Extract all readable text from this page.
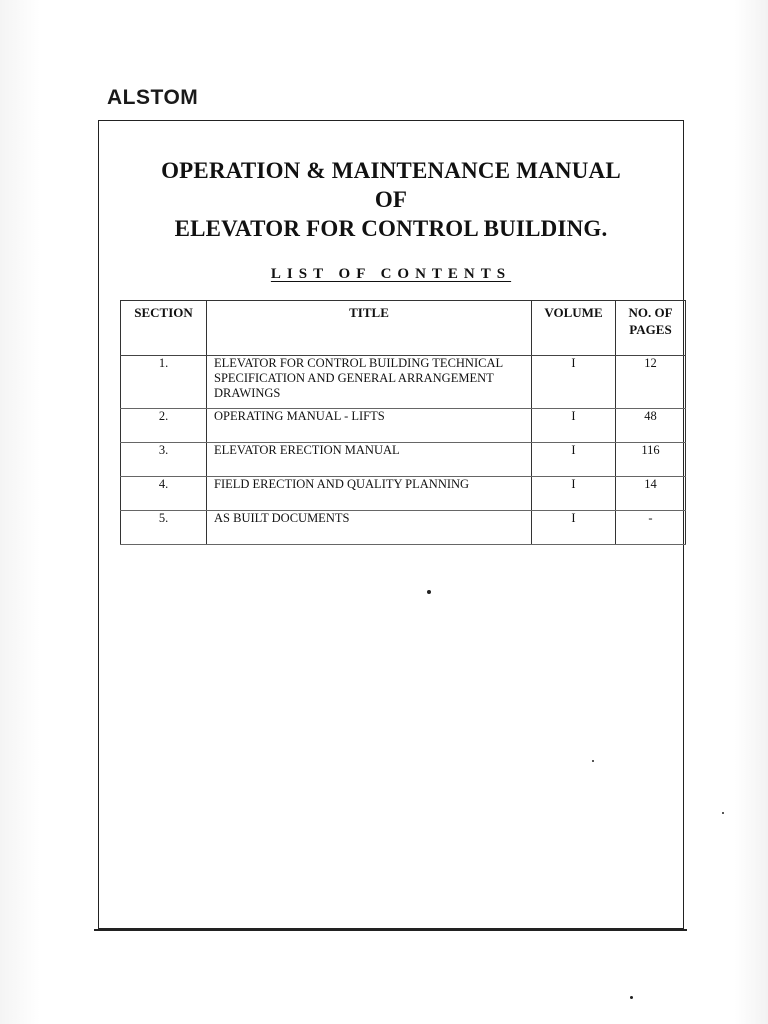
ALSTOM
OPERATION & MAINTENANCE MANUAL
OF
ELEVATOR FOR CONTROL BUILDING.
LIST OF CONTENTS
SECTION	TITLE	VOLUME	NO. OF PAGES
1.	ELEVATOR FOR CONTROL BUILDING TECHNICAL SPECIFICATION AND GENERAL ARRANGEMENT DRAWINGS	I	12
2.	OPERATING MANUAL - LIFTS	I	48
3.	ELEVATOR ERECTION MANUAL	I	116
4.	FIELD ERECTION AND QUALITY PLANNING	I	14
5.	AS BUILT DOCUMENTS	I	-
